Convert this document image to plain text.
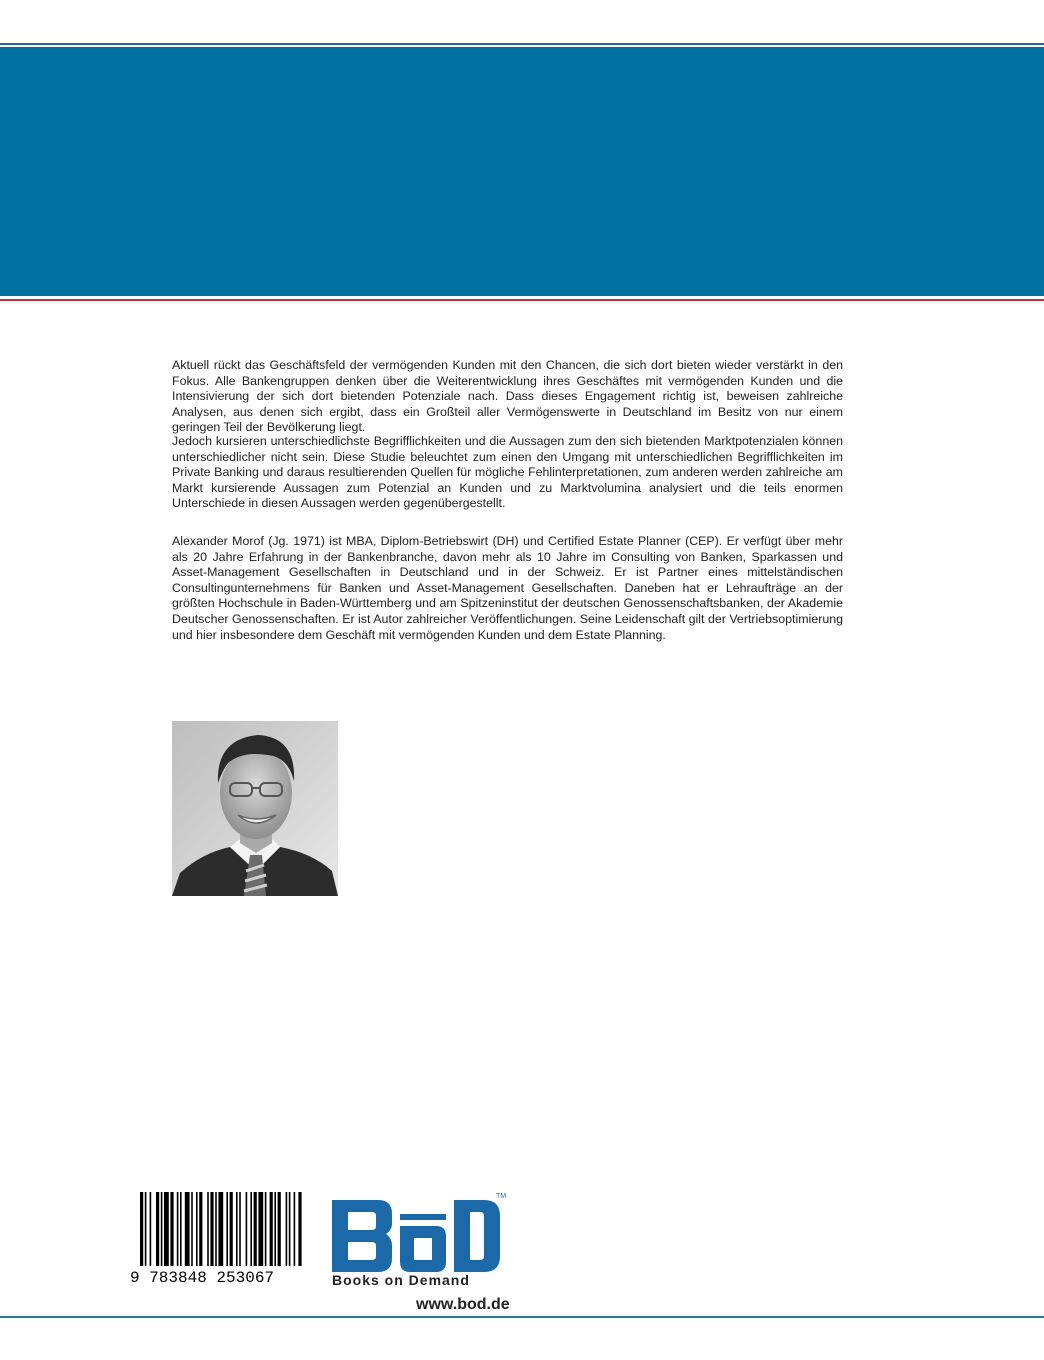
Aktuell rückt das Geschäftsfeld der vermögenden Kunden mit den Chancen, die sich dort bieten wieder verstärkt in den Fokus. Alle Bankengruppen denken über die Weiterentwicklung ihres Geschäftes mit vermögenden Kunden und die Intensivierung der sich dort bietenden Potenziale nach. Dass dieses Engagement richtig ist, beweisen zahlreiche Analysen, aus denen sich ergibt, dass ein Großteil aller Vermögenswerte in Deutschland im Besitz von nur einem geringen Teil der Bevölkerung liegt.

Jedoch kursieren unterschiedlichste Begrifflichkeiten und die Aussagen zum den sich bietenden Marktpotenzialen können unterschiedlicher nicht sein. Diese Studie beleuchtet zum einen den Umgang mit unterschiedlichen Begrifflichkeiten im Private Banking und daraus resultierenden Quellen für mögliche Fehlinterpretationen, zum anderen werden zahlreiche am Markt kursierende Aussagen zum Potenzial an Kunden und zu Marktvolumina analysiert und die teils enormen Unterschiede in diesen Aussagen werden gegenübergestellt.

Alexander Morof (Jg. 1971) ist MBA, Diplom-Betriebswirt (DH) und Certified Estate Planner (CEP). Er verfügt über mehr als 20 Jahre Erfahrung in der Bankenbranche, davon mehr als 10 Jahre im Consulting von Banken, Sparkassen und Asset-Management Gesellschaften in Deutschland und in der Schweiz. Er ist Partner eines mittelständischen Consultingunternehmens für Banken und Asset-Management Gesellschaften. Daneben hat er Lehraufträge an der größten Hochschule in Baden-Württemberg und am Spitzeninstitut der deutschen Genossenschaftsbanken, der Akademie Deutscher Genossenschaften. Er ist Autor zahlreicher Veröffentlichungen. Seine Leidenschaft gilt der Vertriebsoptimierung und hier insbesondere dem Geschäft mit vermögenden Kunden und dem Estate Planning.

9 783848 253067
TM
Books on Demand
www.bod.de
